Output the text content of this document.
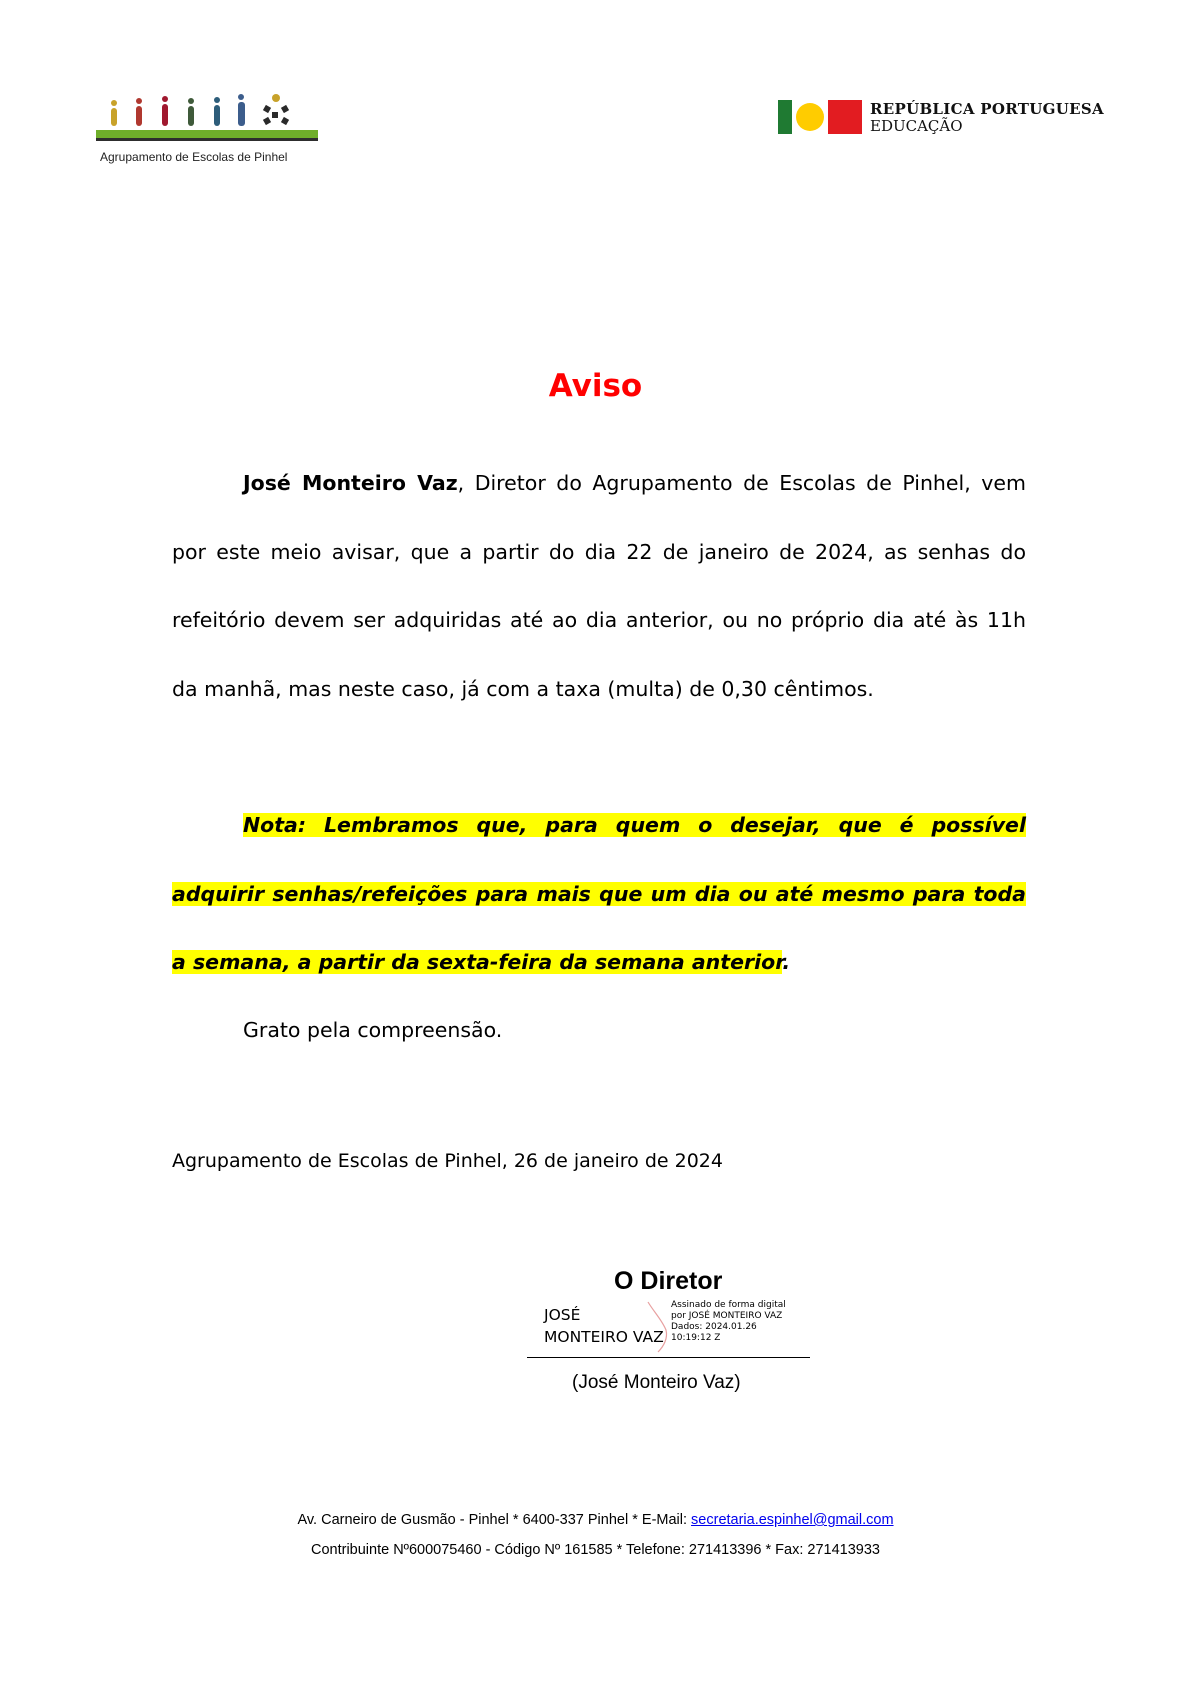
Agrupamento de Escolas de Pinhel
REPÚBLICA PORTUGUESA
EDUCAÇÃO
Aviso

José Monteiro Vaz, Diretor do Agrupamento de Escolas de Pinhel, vem por este meio avisar, que a partir do dia 22 de janeiro de 2024, as senhas do refeitório devem ser adquiridas até ao dia anterior, ou no próprio dia até às 11h da manhã, mas neste caso, já com a taxa (multa) de 0,30 cêntimos.

Nota: Lembramos que, para quem o desejar, que é possível adquirir senhas/refeições para mais que um dia ou até mesmo para toda a semana, a partir da sexta-feira da semana anterior.

Grato pela compreensão.

Agrupamento de Escolas de Pinhel, 26 de janeiro de 2024
O Diretor
JOSÉ
MONTEIRO VAZ
Assinado de forma digital
por JOSÉ MONTEIRO VAZ
Dados: 2024.01.26
10:19:12 Z
(José Monteiro Vaz)
Av. Carneiro de Gusmão - Pinhel * 6400-337 Pinhel * E-Mail: secretaria.espinhel@gmail.com
Contribuinte Nº600075460 - Código Nº 161585 * Telefone: 271413396 * Fax: 271413933
